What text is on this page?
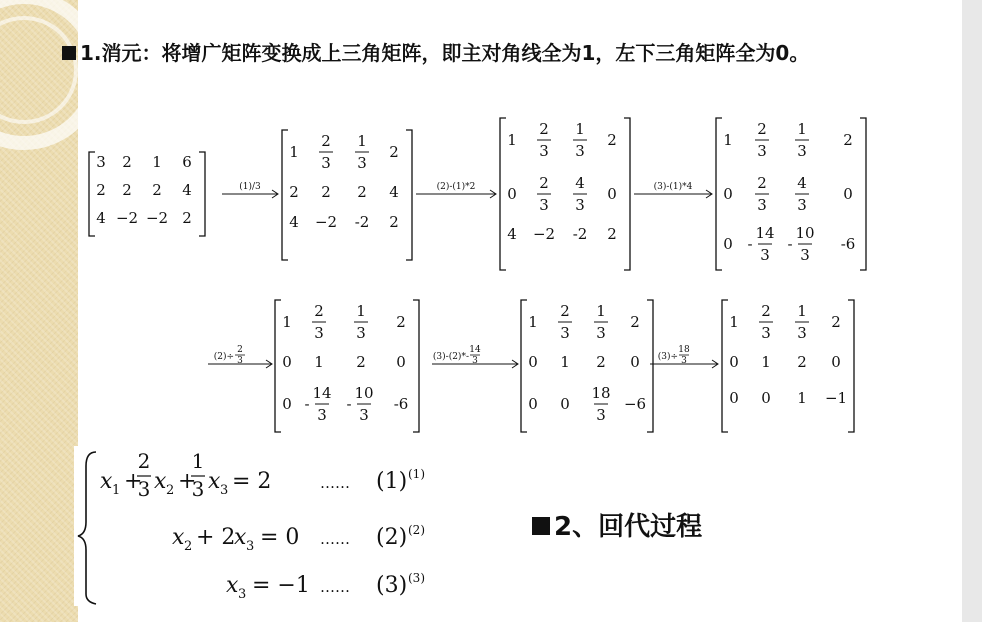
1.消元：将增广矩阵变换成上三角矩阵，即主对角线全为1，左下三角矩阵全为0。
3 2 1 6
2 2 2 4
4 −2 −2 2
(1)/3
1
2
3
1
3
2
2 2 2 4
4 −2 -2 2
(2)-(1)*2
1
2
3
1
3
2
0
2
3
4
3
0
4 −2 -2 2
(3)-(1)*4
1
2
3
1
3
2
0
2
3
4
3
0
0 -
14
3
-
10
3
-6
(2)÷
2
3
1
2
3
1
3
2
0 1 2 0
0 -
14
3
-
10
3
-6
(3)-(2)*-
14
3
1
2
3
1
3
2
0 1 2 0
0 0
18
3
−6
(3)÷
18
3
1
2
3
1
3
2
0 1 2 0
0 0 1 −1
x 1 + x 2 + x 3 = 2	…… (1) (1)
2
3
1
3
x 2 + 2
x 3 = 0 …… (2) (2)
x 3 = −1 …… (3) (3)
2、回代过程
